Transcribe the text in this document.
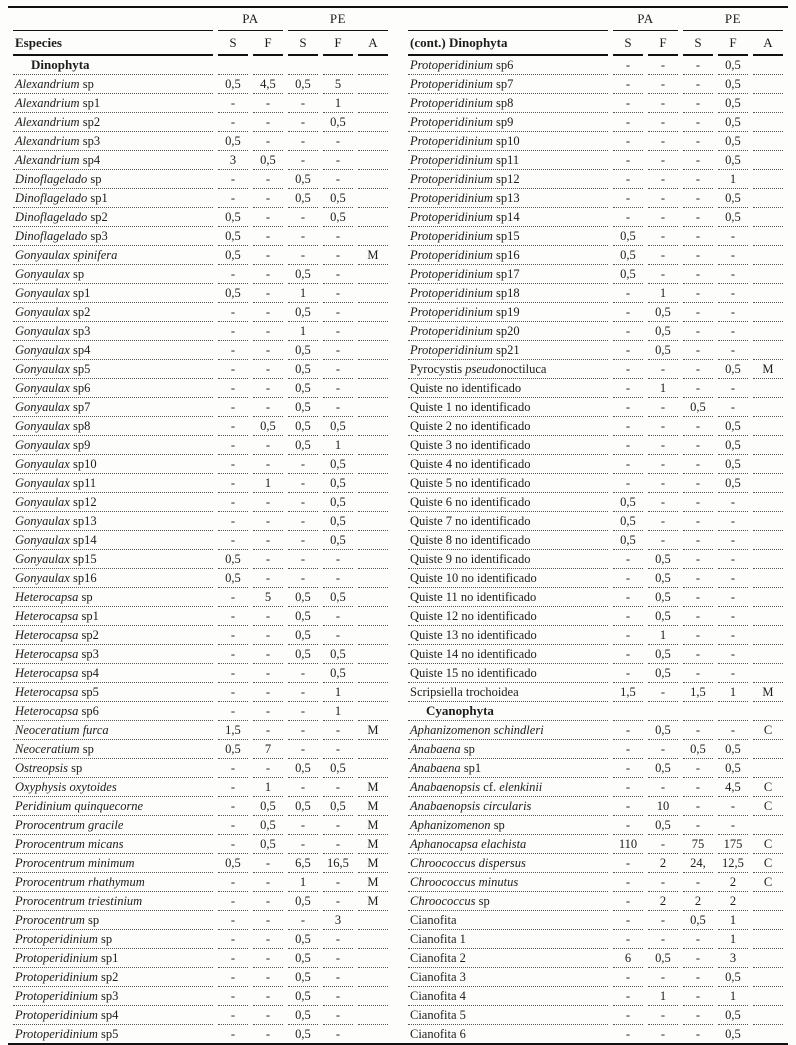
	PA		PE		
Especies	S	F	S	F	A
Dinophyta					
Alexandrium sp	0,5	4,5	0,5	5	
Alexandrium sp1	-	-	-	1	
Alexandrium sp2	-	-	-	0,5	
Alexandrium sp3	0,5	-	-	-	
Alexandrium sp4	3	0,5	-	-	
Dinoflagelado sp	-	-	0,5	-	
Dinoflagelado sp1	-	-	0,5	0,5	
Dinoflagelado sp2	0,5	-	-	0,5	
Dinoflagelado sp3	0,5	-	-	-	
Gonyaulax spinifera	0,5	-	-	-	M
Gonyaulax sp	-	-	0,5	-	
Gonyaulax sp1	0,5	-	1	-	
Gonyaulax sp2	-	-	0,5	-	
Gonyaulax sp3	-	-	1	-	
Gonyaulax sp4	-	-	0,5	-	
Gonyaulax sp5	-	-	0,5	-	
Gonyaulax sp6	-	-	0,5	-	
Gonyaulax sp7	-	-	0,5	-	
Gonyaulax sp8	-	0,5	0,5	0,5	
Gonyaulax sp9	-	-	0,5	1	
Gonyaulax sp10	-	-	-	0,5	
Gonyaulax sp11	-	1	-	0,5	
Gonyaulax sp12	-	-	-	0,5	
Gonyaulax sp13	-	-	-	0,5	
Gonyaulax sp14	-	-	-	0,5	
Gonyaulax sp15	0,5	-	-	-	
Gonyaulax sp16	0,5	-	-	-	
Heterocapsa sp	-	5	0,5	0,5	
Heterocapsa sp1	-	-	0,5	-	
Heterocapsa sp2	-	-	0,5	-	
Heterocapsa sp3	-	-	0,5	0,5	
Heterocapsa sp4	-	-	-	0,5	
Heterocapsa sp5	-	-	-	1	
Heterocapsa sp6	-	-	-	1	
Neoceratium furca	1,5	-	-	-	M
Neoceratium sp	0,5	7	-	-	
Ostreopsis sp	-	-	0,5	0,5	
Oxyphysis oxytoides	-	1	-	-	M
Peridinium quinquecorne	-	0,5	0,5	0,5	M
Prorocentrum gracile	-	0,5	-	-	M
Prorocentrum micans	-	0,5	-	-	M
Prorocentrum minimum	0,5	-	6,5	16,5	M
Prorocentrum rhathymum	-	-	1	-	M
Prorocentrum triestinium	-	-	0,5	-	M
Prorocentrum sp	-	-	-	3	
Protoperidinium sp	-	-	0,5	-	
Protoperidinium sp1	-	-	0,5	-	
Protoperidinium sp2	-	-	0,5	-	
Protoperidinium sp3	-	-	0,5	-	
Protoperidinium sp4	-	-	0,5	-	
Protoperidinium sp5	-	-	0,5	-	
	PA		PE		
(cont.) Dinophyta	S	F	S	F	A
Protoperidinium sp6	-	-	-	0,5	
Protoperidinium sp7	-	-	-	0,5	
Protoperidinium sp8	-	-	-	0,5	
Protoperidinium sp9	-	-	-	0,5	
Protoperidinium sp10	-	-	-	0,5	
Protoperidinium sp11	-	-	-	0,5	
Protoperidinium sp12	-	-	-	1	
Protoperidinium sp13	-	-	-	0,5	
Protoperidinium sp14	-	-	-	0,5	
Protoperidinium sp15	0,5	-	-	-	
Protoperidinium sp16	0,5	-	-	-	
Protoperidinium sp17	0,5	-	-	-	
Protoperidinium sp18	-	1	-	-	
Protoperidinium sp19	-	0,5	-	-	
Protoperidinium sp20	-	0,5	-	-	
Protoperidinium sp21	-	0,5	-	-	
Pyrocystis pseudonoctiluca	-	-	-	0,5	M
Quiste no identificado	-	1	-	-	
Quiste 1 no identificado	-	-	0,5	-	
Quiste 2 no identificado	-	-	-	0,5	
Quiste 3 no identificado	-	-	-	0,5	
Quiste 4 no identificado	-	-	-	0,5	
Quiste 5 no identificado	-	-	-	0,5	
Quiste 6 no identificado	0,5	-	-	-	
Quiste 7 no identificado	0,5	-	-	-	
Quiste 8 no identificado	0,5	-	-	-	
Quiste 9 no identificado	-	0,5	-	-	
Quiste 10 no identificado	-	0,5	-	-	
Quiste 11 no identificado	-	0,5	-	-	
Quiste 12 no identificado	-	0,5	-	-	
Quiste 13 no identificado	-	1	-	-	
Quiste 14 no identificado	-	0,5	-	-	
Quiste 15 no identificado	-	0,5	-	-	
Scripsiella trochoidea	1,5	-	1,5	1	M
Cyanophyta					
Aphanizomenon schindleri	-	0,5	-	-	C
Anabaena sp	-	-	0,5	0,5	
Anabaena sp1	-	0,5	-	0,5	
Anabaenopsis cf. elenkinii	-	-	-	4,5	C
Anabaenopsis circularis	-	10	-	-	C
Aphanizomenon sp	-	0,5	-	-	
Aphanocapsa elachista	110	-	75	175	C
Chroococcus dispersus	-	2	24,	12,5	C
Chroococcus minutus	-	-	-	2	C
Chroococcus sp	-	2	2	2	
Cianofita	-	-	0,5	1	
Cianofita 1	-	-	-	1	
Cianofita 2	6	0,5	-	3	
Cianofita 3	-	-	-	0,5	
Cianofita 4	-	1	-	1	
Cianofita 5	-	-	-	0,5	
Cianofita 6	-	-	-	0,5	
